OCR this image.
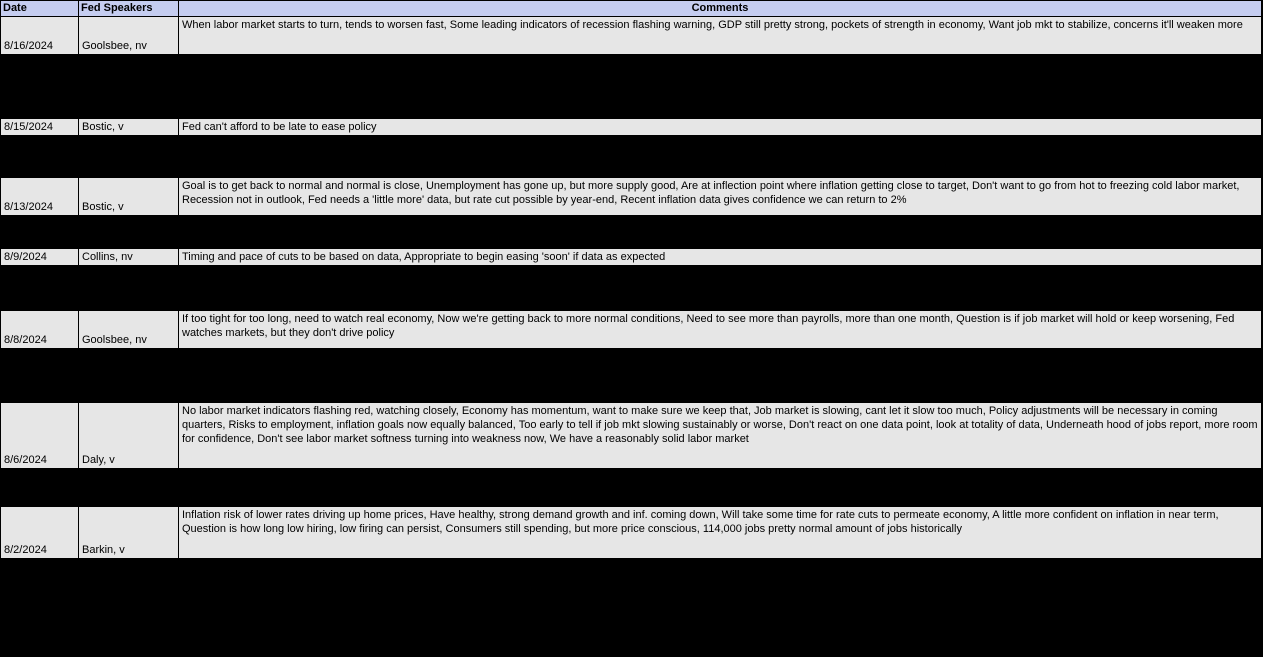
Date	Fed Speakers	Comments
8/16/2024	Goolsbee, nv	When labor market starts to turn, tends to worsen fast, Some leading indicators of recession flashing warning, GDP still pretty strong, pockets of strength in economy, Want job mkt to stabilize, concerns it'll weaken more

8/15/2024	Bostic, v	Fed can't afford to be late to ease policy

8/13/2024	Bostic, v	Goal is to get back to normal and normal is close, Unemployment has gone up, but more supply good, Are at inflection point where inflation getting close to target, Don't want to go from hot to freezing cold labor market, Recession not in outlook, Fed needs a 'little more' data, but rate cut possible by year-end, Recent inflation data gives confidence we can return to 2%

8/9/2024	Collins, nv	Timing and pace of cuts to be based on data, Appropriate to begin easing 'soon' if data as expected

8/8/2024	Goolsbee, nv	If too tight for too long, need to watch real economy, Now we're getting back to more normal conditions, Need to see more than payrolls, more than one month, Question is if job market will hold or keep worsening, Fed watches markets, but they don't drive policy

8/6/2024	Daly, v	No labor market indicators flashing red, watching closely, Economy has momentum, want to make sure we keep that, Job market is slowing, cant let it slow too much, Policy adjustments will be necessary in coming quarters, Risks to employment, inflation goals now equally balanced, Too early to tell if job mkt slowing sustainably or worse, Don't react on one data point, look at totality of data, Underneath hood of jobs report, more room for confidence, Don't see labor market softness turning into weakness now, We have a reasonably solid labor market

8/2/2024	Barkin, v	Inflation risk of lower rates driving up home prices, Have healthy, strong demand growth and inf. coming down, Will take some time for rate cuts to permeate economy, A little more confident on inflation in near term, Question is how long low hiring, low firing can persist, Consumers still spending, but more price conscious, 114,000 jobs pretty normal amount of jobs historically
